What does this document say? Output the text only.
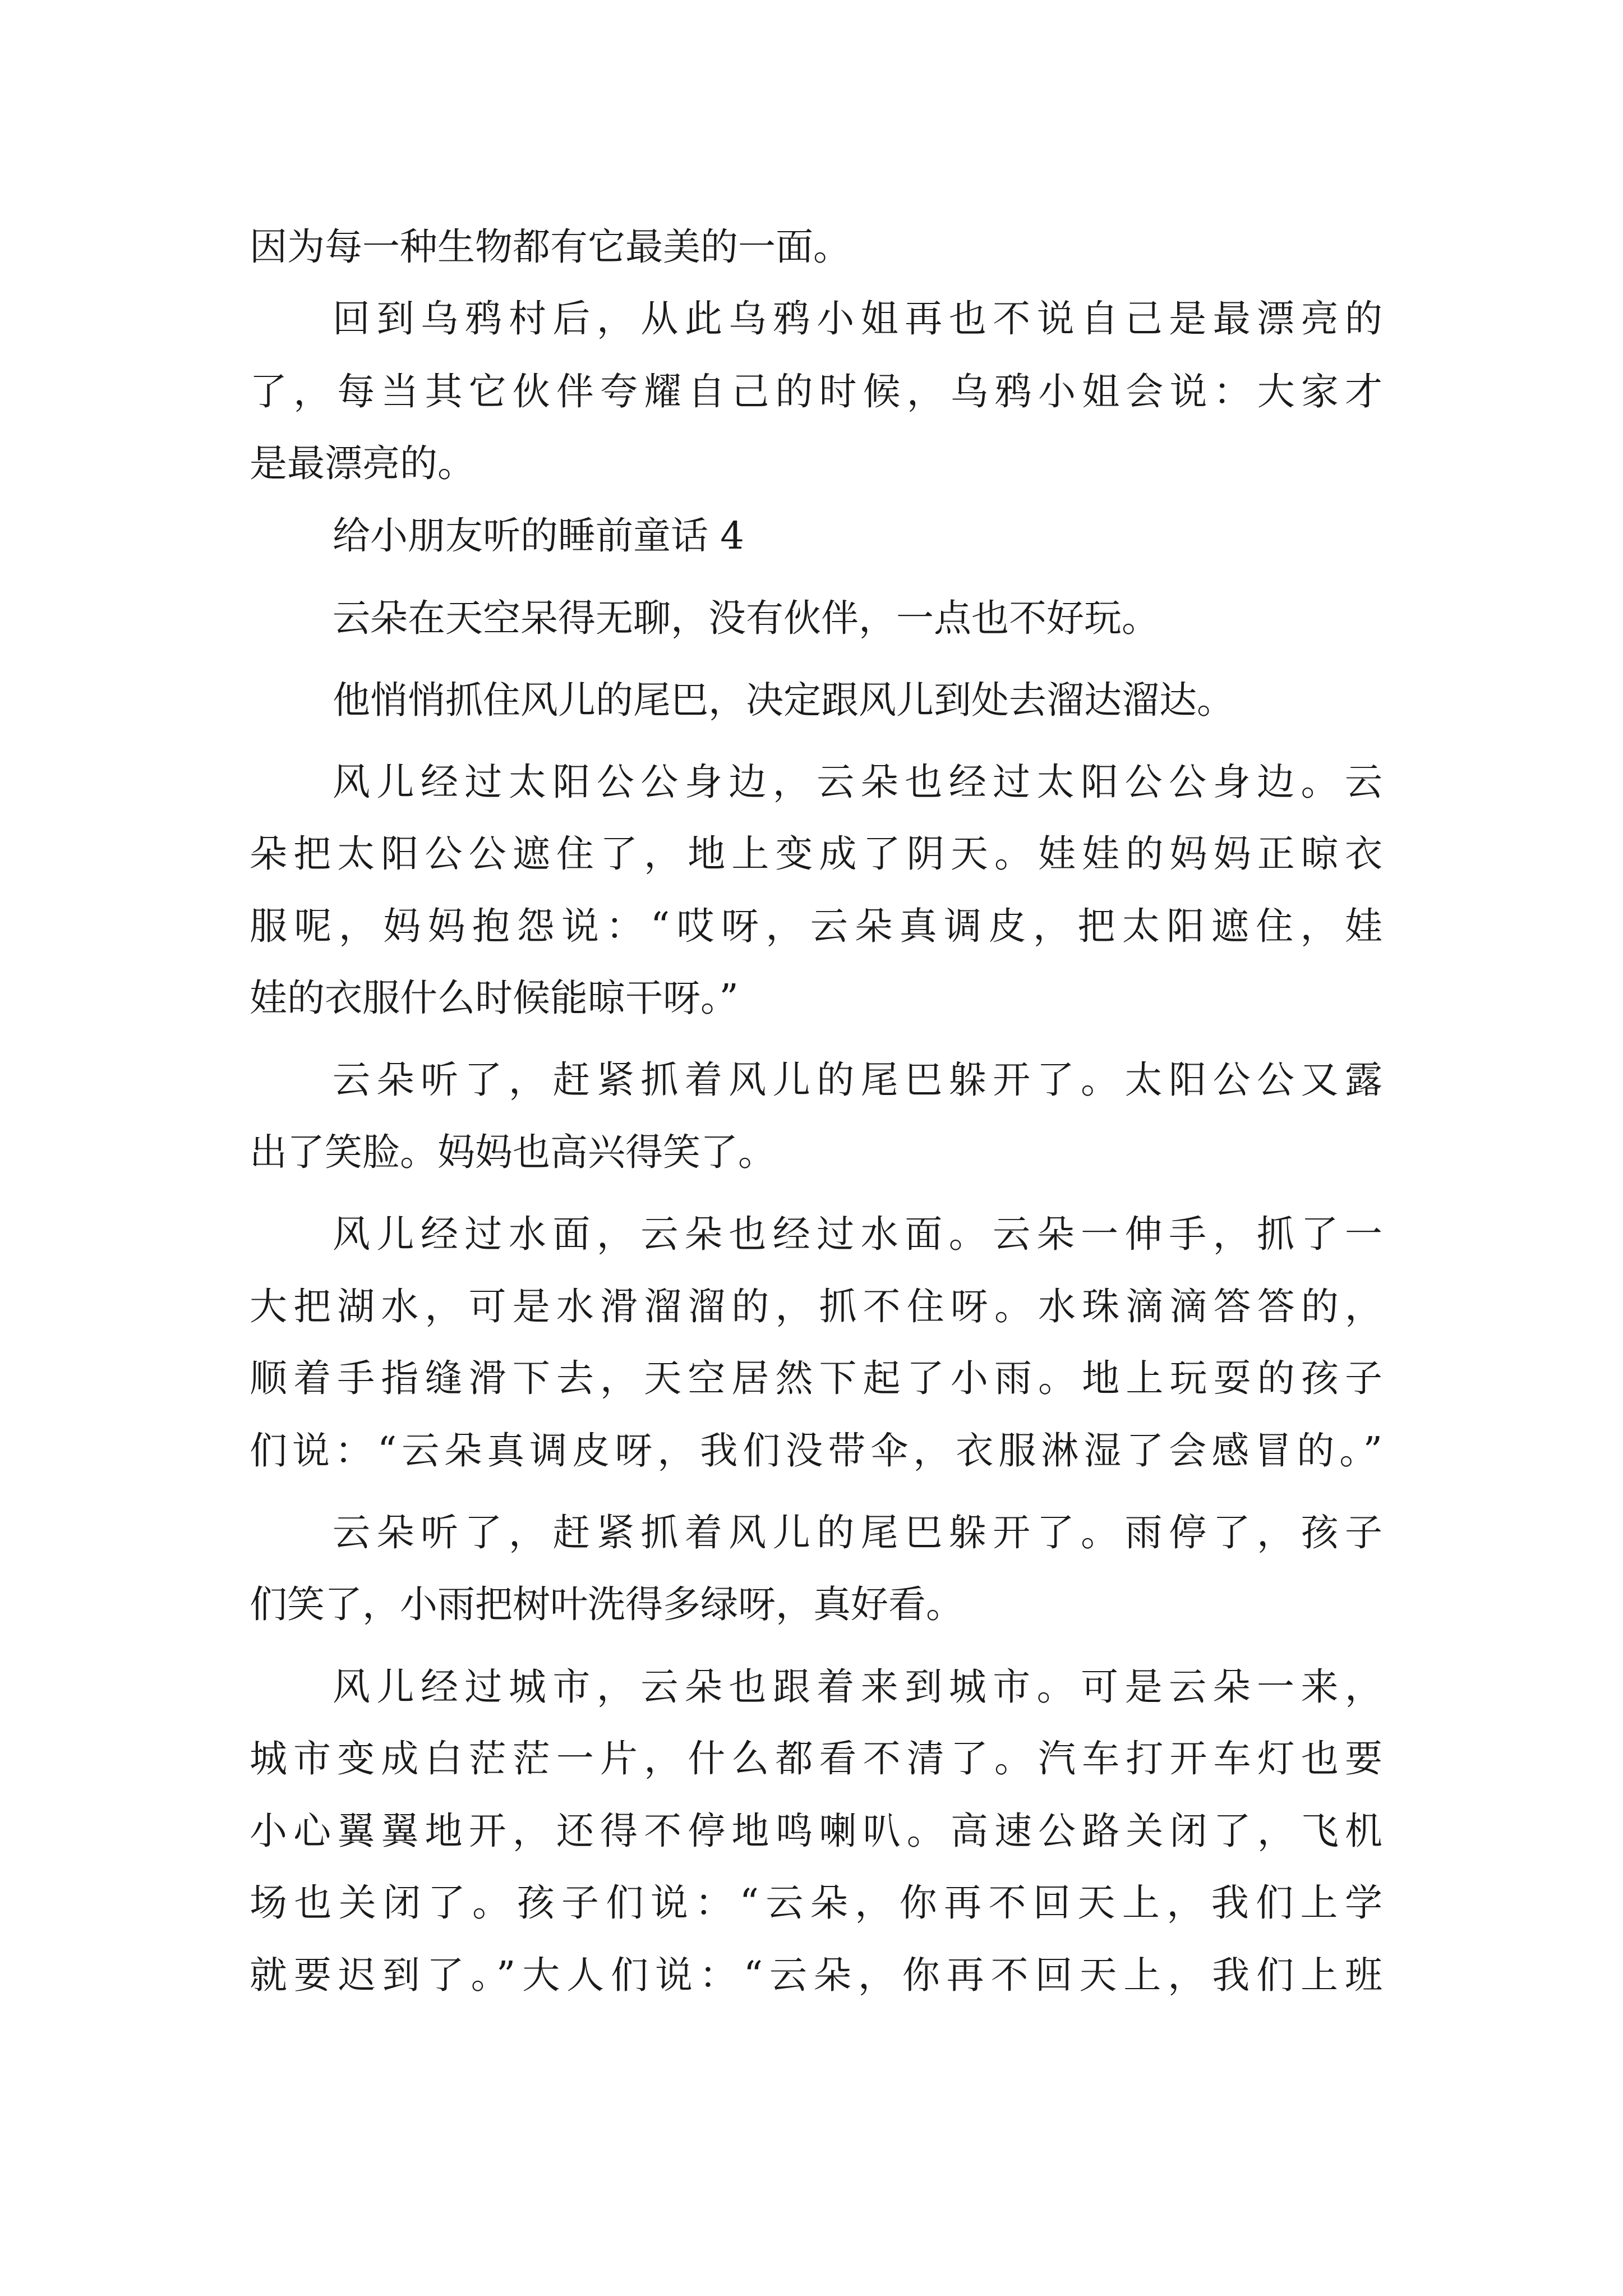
因为每一种生物都有它最美的一面。

回到乌鸦村后，从此乌鸦小姐再也不说自己是最漂亮的

了，每当其它伙伴夸耀自己的时候，乌鸦小姐会说：大家才

是最漂亮的。

给小朋友听的睡前童话 4

云朵在天空呆得无聊，没有伙伴，一点也不好玩。

他悄悄抓住风儿的尾巴，决定跟风儿到处去溜达溜达。

风儿经过太阳公公身边，云朵也经过太阳公公身边。云

朵把太阳公公遮住了，地上变成了阴天。娃娃的妈妈正晾衣

服呢，妈妈抱怨说：“哎呀，云朵真调皮，把太阳遮住，娃

娃的衣服什么时候能晾干呀。”

云朵听了，赶紧抓着风儿的尾巴躲开了。太阳公公又露

出了笑脸。妈妈也高兴得笑了。

风儿经过水面，云朵也经过水面。云朵一伸手，抓了一

大把湖水，可是水滑溜溜的，抓不住呀。水珠滴滴答答的，

顺着手指缝滑下去，天空居然下起了小雨。地上玩耍的孩子

们说：“云朵真调皮呀，我们没带伞，衣服淋湿了会感冒的。”

云朵听了，赶紧抓着风儿的尾巴躲开了。雨停了，孩子

们笑了，小雨把树叶洗得多绿呀，真好看。

风儿经过城市，云朵也跟着来到城市。可是云朵一来，

城市变成白茫茫一片，什么都看不清了。汽车打开车灯也要

小心翼翼地开，还得不停地鸣喇叭。高速公路关闭了，飞机

场也关闭了。孩子们说：“云朵，你再不回天上，我们上学

就要迟到了。”大人们说：“云朵，你再不回天上，我们上班
